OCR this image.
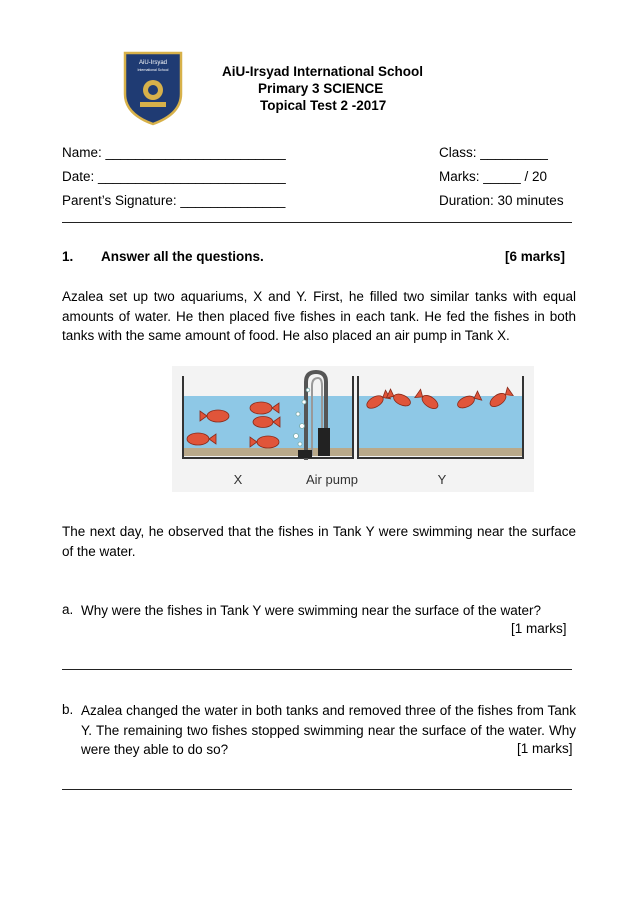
AiU-Irsyad
International School	AiU-Irsyad International School
Primary 3 SCIENCE
Topical Test 2 -2017
Name: ________________________	Class: _________
Date: _________________________	Marks: _____ / 20
Parent’s Signature: ______________	Duration: 30 minutes
1. Answer all the questions.	[6 marks]
Azalea set up two aquariums, X and Y. First, he filled two similar tanks with equal amounts of water. He then placed five fishes in each tank. He fed the fishes in both tanks with the same amount of food. He also placed an air pump in Tank X.
X	Air pump	Y
The next day, he observed that the fishes in Tank Y were swimming near the surface of the water.
a. Why were the fishes in Tank Y were swimming near the surface of the water?
[1 marks]
b. Azalea changed the water in both tanks and removed three of the fishes from Tank Y. The remaining two fishes stopped swimming near the surface of the water. Why were they able to do so?	[1 marks]
